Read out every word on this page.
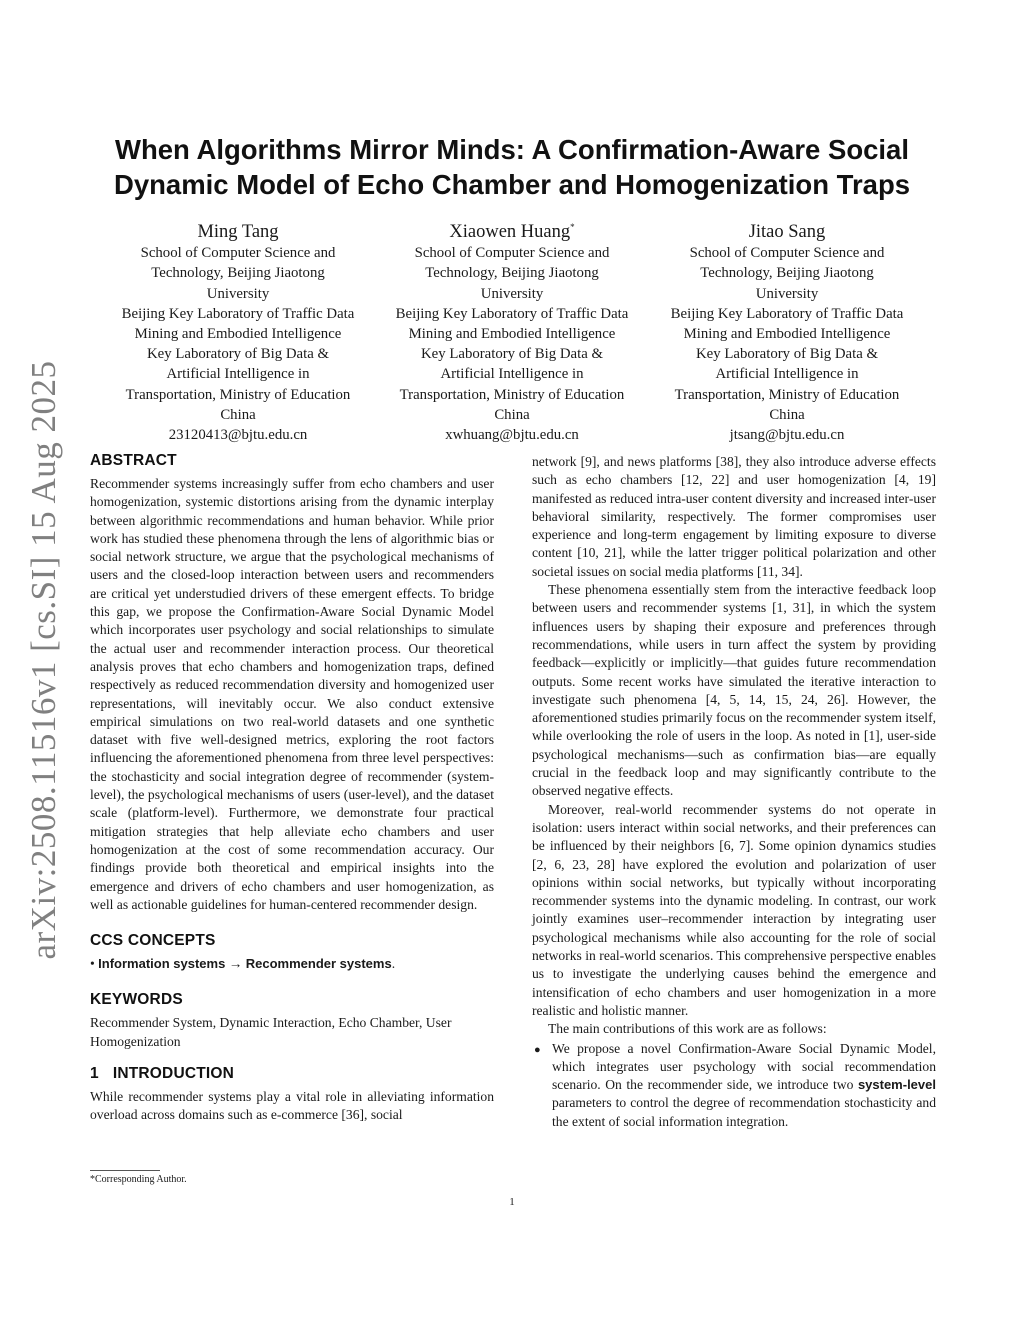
arXiv:2508.11516v1 [cs.SI] 15 Aug 2025
When Algorithms Mirror Minds: A Confirmation-Aware Social
Dynamic Model of Echo Chamber and Homogenization Traps
Ming Tang
School of Computer Science and
Technology, Beijing Jiaotong
University
Beijing Key Laboratory of Traffic Data
Mining and Embodied Intelligence
Key Laboratory of Big Data &
Artificial Intelligence in
Transportation, Ministry of Education
China
23120413@bjtu.edu.cn
Xiaowen Huang*
School of Computer Science and
Technology, Beijing Jiaotong
University
Beijing Key Laboratory of Traffic Data
Mining and Embodied Intelligence
Key Laboratory of Big Data &
Artificial Intelligence in
Transportation, Ministry of Education
China
xwhuang@bjtu.edu.cn
Jitao Sang
School of Computer Science and
Technology, Beijing Jiaotong
University
Beijing Key Laboratory of Traffic Data
Mining and Embodied Intelligence
Key Laboratory of Big Data &
Artificial Intelligence in
Transportation, Ministry of Education
China
jtsang@bjtu.edu.cn
ABSTRACT

Recommender systems increasingly suffer from echo chambers and user homogenization, systemic distortions arising from the dynamic interplay between algorithmic recommendations and human behavior. While prior work has studied these phenomena through the lens of algorithmic bias or social network structure, we argue that the psychological mechanisms of users and the closed-loop interaction between users and recommenders are critical yet understudied drivers of these emergent effects. To bridge this gap, we propose the Confirmation-Aware Social Dynamic Model which incorporates user psychology and social relationships to simulate the actual user and recommender interaction process. Our theoretical analysis proves that echo chambers and homogenization traps, defined respectively as reduced recommendation diversity and homogenized user representations, will inevitably occur. We also conduct extensive empirical simulations on two real-world datasets and one synthetic dataset with five well-designed metrics, exploring the root factors influencing the aforementioned phenomena from three level perspectives: the stochasticity and social integration degree of recommender (system-level), the psychological mechanisms of users (user-level), and the dataset scale (platform-level). Furthermore, we demonstrate four practical mitigation strategies that help alleviate echo chambers and user homogenization at the cost of some recommendation accuracy. Our findings provide both theoretical and empirical insights into the emergence and drivers of echo chambers and user homogenization, as well as actionable guidelines for human-centered recommender design.

CCS CONCEPTS

• Information systems → Recommender systems.

KEYWORDS

Recommender System, Dynamic Interaction, Echo Chamber, User Homogenization

1 INTRODUCTION

While recommender systems play a vital role in alleviating information overload across domains such as e-commerce [36], social

network [9], and news platforms [38], they also introduce adverse effects such as echo chambers [12, 22] and user homogenization [4, 19] manifested as reduced intra-user content diversity and increased inter-user behavioral similarity, respectively. The former compromises user experience and long-term engagement by limiting exposure to diverse content [10, 21], while the latter trigger political polarization and other societal issues on social media platforms [11, 34].

These phenomena essentially stem from the interactive feedback loop between users and recommender systems [1, 31], in which the system influences users by shaping their exposure and preferences through recommendations, while users in turn affect the system by providing feedback—explicitly or implicitly—that guides future recommendation outputs. Some recent works have simulated the iterative interaction to investigate such phenomena [4, 5, 14, 15, 24, 26]. However, the aforementioned studies primarily focus on the recommender system itself, while overlooking the role of users in the loop. As noted in [1], user-side psychological mechanisms—such as confirmation bias—are equally crucial in the feedback loop and may significantly contribute to the observed negative effects.

Moreover, real-world recommender systems do not operate in isolation: users interact within social networks, and their preferences can be influenced by their neighbors [6, 7]. Some opinion dynamics studies [2, 6, 23, 28] have explored the evolution and polarization of user opinions within social networks, but typically without incorporating recommender systems into the dynamic modeling. In contrast, our work jointly examines user–recommender interaction by integrating user psychological mechanisms while also accounting for the role of social networks in real-world scenarios. This comprehensive perspective enables us to investigate the underlying causes behind the emergence and intensification of echo chambers and user homogenization in a more realistic and holistic manner.

The main contributions of this work are as follows:

● We propose a novel Confirmation-Aware Social Dynamic Model, which integrates user psychology with social recommendation scenario. On the recommender side, we introduce two system-level parameters to control the degree of recommendation stochasticity and the extent of social information integration.

*Corresponding Author.
1
